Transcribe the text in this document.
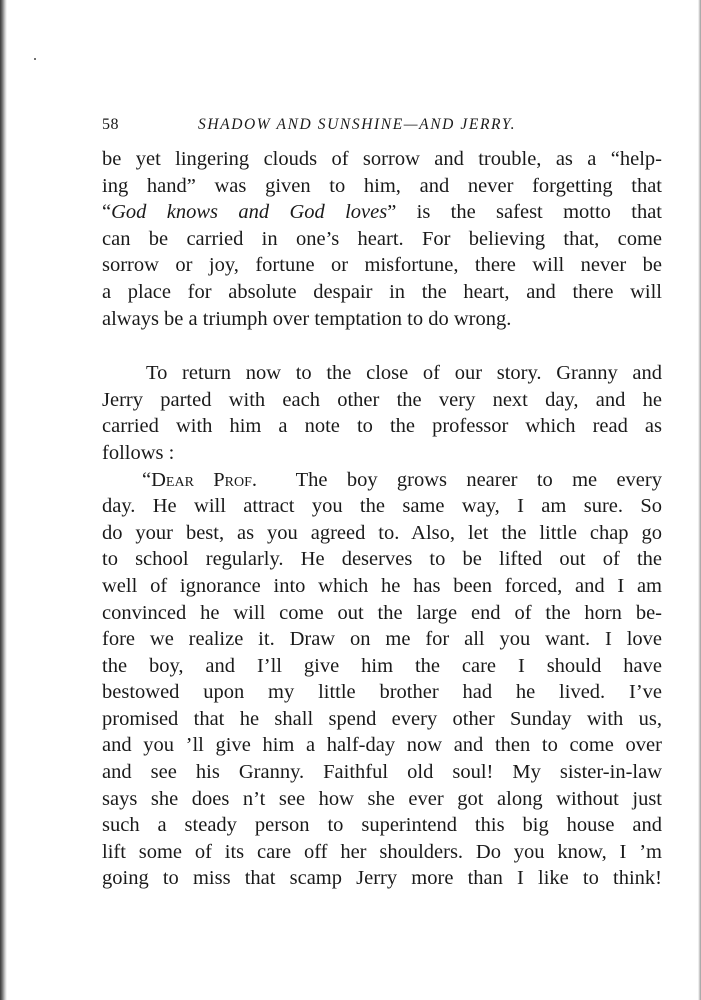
58	SHADOW AND SUNSHINE—AND JERRY.
be yet lingering clouds of sorrow and trouble, as a “help-
ing hand” was given to him, and never forgetting that
“God knows and God loves” is the safest motto that
can be carried in one’s heart. For believing that, come
sorrow or joy, fortune or misfortune, there will never be
a place for absolute despair in the heart, and there will
always be a triumph over temptation to do wrong.
To return now to the close of our story. Granny and
Jerry parted with each other the very next day, and he
carried with him a note to the professor which read as
follows :
“Dear Prof. The boy grows nearer to me every
day. He will attract you the same way, I am sure. So
do your best, as you agreed to. Also, let the little chap go
to school regularly. He deserves to be lifted out of the
well of ignorance into which he has been forced, and I am
convinced he will come out the large end of the horn be-
fore we realize it. Draw on me for all you want. I love
the boy, and I’ll give him the care I should have
bestowed upon my little brother had he lived. I’ve
promised that he shall spend every other Sunday with us,
and you ’ll give him a half-day now and then to come over
and see his Granny. Faithful old soul! My sister-in-law
says she does n’t see how she ever got along without just
such a steady person to superintend this big house and
lift some of its care off her shoulders. Do you know, I ’m
going to miss that scamp Jerry more than I like to think!
